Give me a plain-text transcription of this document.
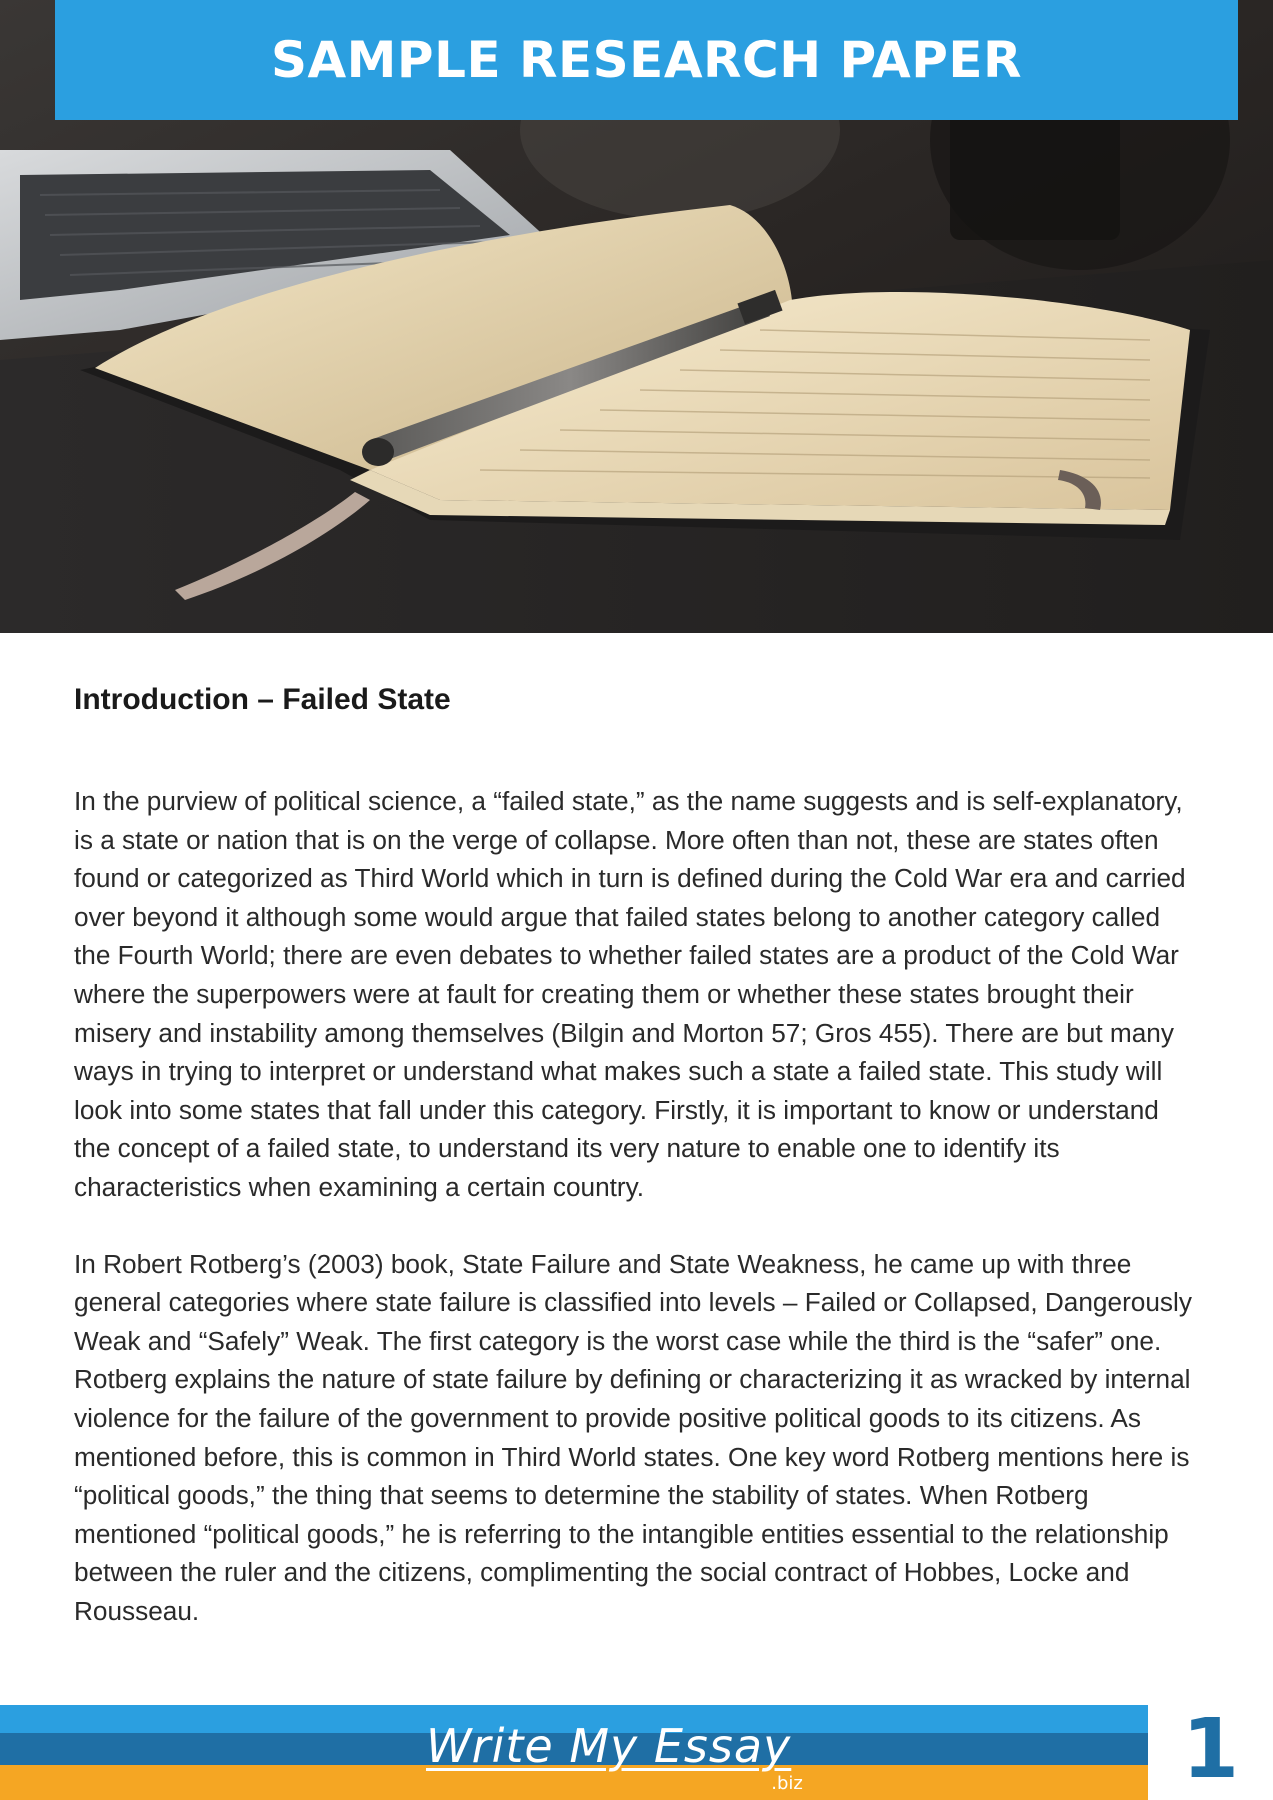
SAMPLE RESEARCH PAPER
Introduction – Failed State

In the purview of political science, a “failed state,” as the name suggests and is self-explanatory, is a state or nation that is on the verge of collapse. More often than not, these are states often found or categorized as Third World which in turn is defined during the Cold War era and carried over beyond it although some would argue that failed states belong to another category called the Fourth World; there are even debates to whether failed states are a product of the Cold War where the superpowers were at fault for creating them or whether these states brought their misery and instability among themselves (Bilgin and Morton 57; Gros 455). There are but many ways in trying to interpret or understand what makes such a state a failed state. This study will look into some states that fall under this category. Firstly, it is important to know or understand the concept of a failed state, to understand its very nature to enable one to identify its characteristics when examining a certain country.

In Robert Rotberg’s (2003) book, State Failure and State Weakness, he came up with three general categories where state failure is classified into levels – Failed or Collapsed, Dangerously Weak and “Safely” Weak. The first category is the worst case while the third is the “safer” one. Rotberg explains the nature of state failure by defining or characterizing it as wracked by internal violence for the failure of the government to provide positive political goods to its citizens. As mentioned before, this is common in Third World states. One key word Rotberg mentions here is “political goods,” the thing that seems to determine the stability of states. When Rotberg mentioned “political goods,” he is referring to the intangible entities essential to the relationship between the ruler and the citizens, complimenting the social contract of Hobbes, Locke and Rousseau.

Write My Essay
.biz	1
